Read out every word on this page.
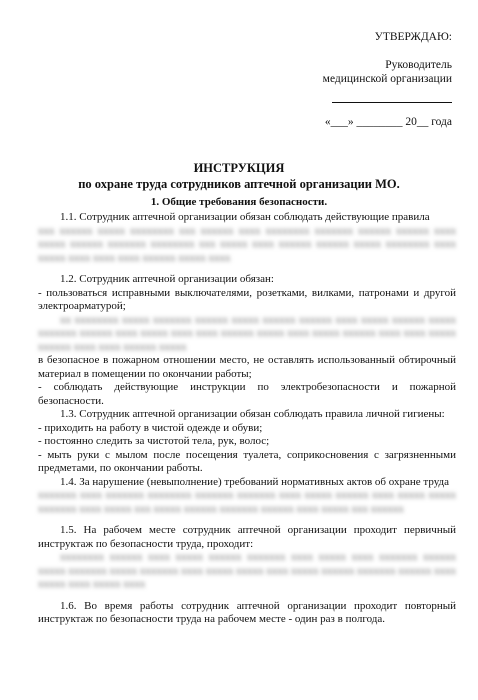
УТВЕРЖДАЮ:
Руководитель
медицинской организации
«___» ________ 20__ года
ИНСТРУКЦИЯ
по охране труда сотрудников аптечной организации МО.
1. Общие требования безопасности.

1.1. Сотрудник аптечной организации обязан соблюдать действующие правила

ххх хххххх ххххх хххххххх ххх хххххх хххх хххххххх ххххххх хххххх хххххх хххх ххххх хххххх ххххххх хххххххх ххх ххххх хххх хххххх хххххх ххххх хххххххх хххх ххххх хххх хххх хххх хххххх ххххх хххх

1.2. Сотрудник аптечной организации обязан:

- пользоваться исправными выключателями, розетками, вилками, патронами и другой электроарматурой;

хх хххххххх ххххх ххххххх хххххх ххххх хххххх хххххх хххх ххххх хххххх ххххх ххххххх хххххх хххх ххххх хххх хххх хххххх ххххх хххх ххххх хххххх хххх хххх ххххх хххххх хххх хххх хххххх ххххх

в безопасное в пожарном отношении место, не оставлять использованный обтирочный материал в помещении по окончании работы;

- соблюдать действующие инструкции по электробезопасности и пожарной безопасности.

1.3. Сотрудник аптечной организации обязан соблюдать правила личной гигиены:

- приходить на работу в чистой одежде и обуви;

- постоянно следить за чистотой тела, рук, волос;

- мыть руки с мылом после посещения туалета, соприкосновения с загрязненными предметами, по окончании работы.

1.4. За нарушение (невыполнение) требований нормативных актов об охране труда

ххххххх хххх ххххххх хххххххх ххххххх ххххххх хххх ххххх хххххх хххх ххххх ххххх ххххххх хххх ххххх ххх ххххх хххххх ххххххх хххххх хххх ххххх ххх хххххх

1.5. На рабочем месте сотрудник аптечной организации проходит первичный инструктаж по безопасности труда, проходит:

хххххххх хххххх хххх ххххх хххххх ххххххх хххх ххххх хххх ххххххх хххххх ххххх ххххххх ххххх ххххххх хххх ххххх ххххх хххх ххххх хххххх ххххххх хххххх хххх ххххх хххх ххххх хххх

1.6. Во время работы сотрудник аптечной организации проходит повторный инструктаж по безопасности труда на рабочем месте - один раз в полгода.
